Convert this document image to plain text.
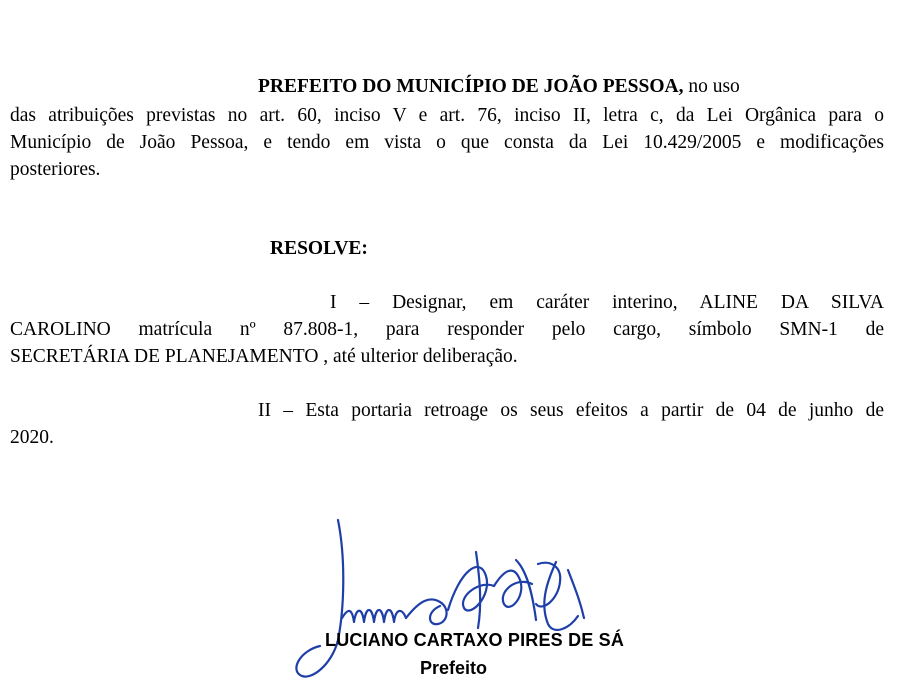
PREFEITO DO MUNICÍPIO DE JOÃO PESSOA, no uso
das atribuições previstas no art. 60, inciso V e art. 76, inciso II, letra c, da Lei Orgânica para o
Município de João Pessoa, e tendo em vista o que consta da Lei 10.429/2005 e modificações
posteriores.
RESOLVE:
I – Designar, em caráter interino, ALINE DA SILVA
CAROLINO matrícula nº 87.808-1, para responder pelo cargo, símbolo SMN-1 de
SECRETÁRIA DE PLANEJAMENTO , até ulterior deliberação.
II – Esta portaria retroage os seus efeitos a partir de 04 de junho de
2020.
LUCIANO CARTAXO PIRES DE SÁ
Prefeito
